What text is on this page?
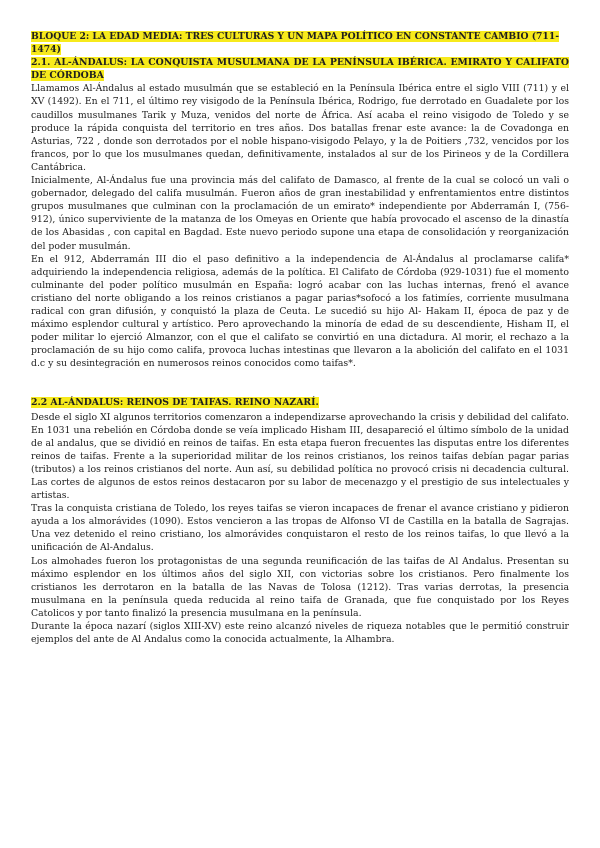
BLOQUE 2: LA EDAD MEDIA: TRES CULTURAS Y UN MAPA POLÍTICO EN CONSTANTE CAMBIO (711-1474)
2.1. AL-ÁNDALUS: LA CONQUISTA MUSULMANA DE LA PENÍNSULA IBÉRICA. EMIRATO Y CALIFATO DE CÓRDOBA

Llamamos Al-Ándalus al estado musulmán que se estableció en la Península Ibérica entre el siglo VIII (711) y el XV (1492). En el 711, el último rey visigodo de la Península Ibérica, Rodrigo, fue derrotado en Guadalete por los caudillos musulmanes Tarik y Muza, venidos del norte de África. Así acaba el reino visigodo de Toledo y se produce la rápida conquista del territorio en tres años. Dos batallas frenar este avance: la de Covadonga en Asturias, 722 , donde son derrotados por el noble hispano-visigodo Pelayo, y la de Poitiers ,732, vencidos por los francos, por lo que los musulmanes quedan, definitivamente, instalados al sur de los Pirineos y de la Cordillera Cantábrica.

Inicialmente, Al-Ándalus fue una provincia más del califato de Damasco, al frente de la cual se colocó un vali o gobernador, delegado del califa musulmán. Fueron años de gran inestabilidad y enfrentamientos entre distintos grupos musulmanes que culminan con la proclamación de un emirato* independiente por Abderramán I, (756-912), único superviviente de la matanza de los Omeyas en Oriente que había provocado el ascenso de la dinastía de los Abasidas , con capital en Bagdad. Este nuevo periodo supone una etapa de consolidación y reorganización del poder musulmán.

En el 912, Abderramán III dio el paso definitivo a la independencia de Al-Ándalus al proclamarse califa* adquiriendo la independencia religiosa, además de la política. El Califato de Córdoba (929-1031) fue el momento culminante del poder político musulmán en España: logró acabar con las luchas internas, frenó el avance cristiano del norte obligando a los reinos cristianos a pagar parias*sofocó a los fatimíes, corriente musulmana radical con gran difusión, y conquistó la plaza de Ceuta. Le sucedió su hijo Al- Hakam II, época de paz y de máximo esplendor cultural y artístico. Pero aprovechando la minoría de edad de su descendiente, Hisham II, el poder militar lo ejerció Almanzor, con el que el califato se convirtió en una dictadura. Al morir, el rechazo a la proclamación de su hijo como califa, provoca luchas intestinas que llevaron a la abolición del califato en el 1031 d.c y su desintegración en numerosos reinos conocidos como taifas*.

2.2 AL-ÁNDALUS: REINOS DE TAIFAS. REINO NAZARÍ.

Desde el siglo XI algunos territorios comenzaron a independizarse aprovechando la crisis y debilidad del califato. En 1031 una rebelión en Córdoba donde se veía implicado Hisham III, desapareció el último símbolo de la unidad de al andalus, que se dividió en reinos de taifas. En esta etapa fueron frecuentes las disputas entre los diferentes reinos de taifas. Frente a la superioridad militar de los reinos cristianos, los reinos taifas debían pagar parias (tributos) a los reinos cristianos del norte. Aun así, su debilidad política no provocó crisis ni decadencia cultural. Las cortes de algunos de estos reinos destacaron por su labor de mecenazgo y el prestigio de sus intelectuales y artistas.

Tras la conquista cristiana de Toledo, los reyes taifas se vieron incapaces de frenar el avance cristiano y pidieron ayuda a los almorávides (1090). Estos vencieron a las tropas de Alfonso VI de Castilla en la batalla de Sagrajas. Una vez detenido el reino cristiano, los almorávides conquistaron el resto de los reinos taifas, lo que llevó a la unificación de Al-Andalus.

Los almohades fueron los protagonistas de una segunda reunificación de las taifas de Al Andalus. Presentan su máximo esplendor en los últimos años del siglo XII, con victorias sobre los cristianos. Pero finalmente los cristianos les derrotaron en la batalla de las Navas de Tolosa (1212). Tras varias derrotas, la presencia musulmana en la península queda reducida al reino taifa de Granada, que fue conquistado por los Reyes Catolicos y por tanto finalizó la presencia musulmana en la península.

Durante la época nazarí (siglos XIII-XV) este reino alcanzó niveles de riqueza notables que le permitió construir ejemplos del ante de Al Andalus como la conocida actualmente, la Alhambra.
